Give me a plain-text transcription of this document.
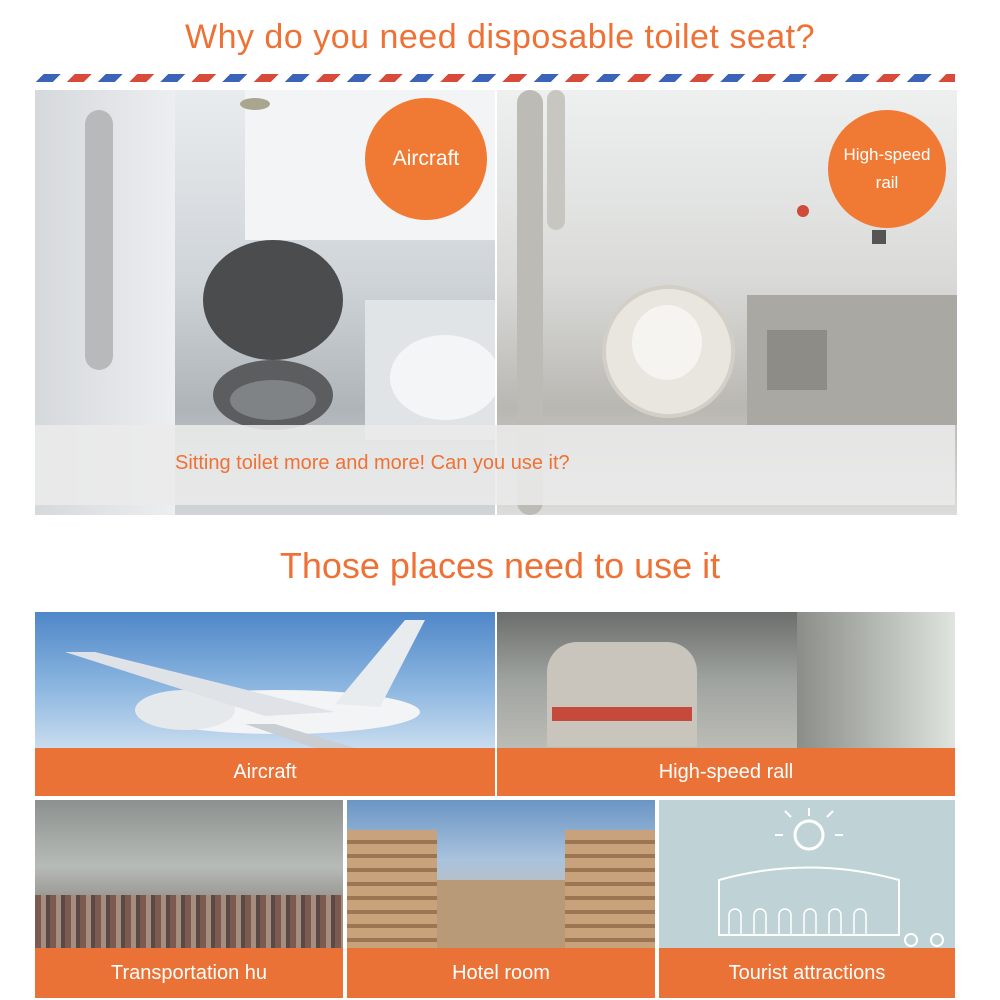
Why do you need disposable toilet seat?
Aircraft	High-speed
rail
Sitting toilet more and more! Can you use it?
Those places need to use it
Aircraft	High-speed rall
Transportation hu	Hotel room	Tourist attractions
